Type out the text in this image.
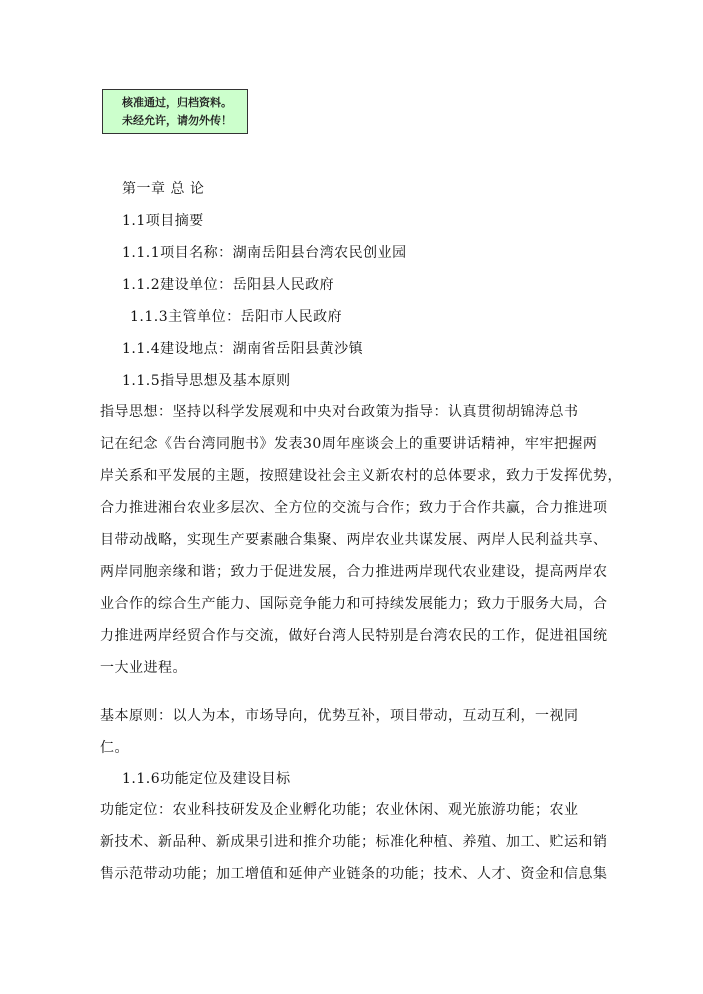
核准通过，归档资料。
未经允许，请勿外传！
第一章 总 论
1.1项目摘要
1.1.1项目名称：湖南岳阳县台湾农民创业园
1.1.2建设单位：岳阳县人民政府
1.1.3主管单位：岳阳市人民政府
1.1.4建设地点：湖南省岳阳县黄沙镇
1.1.5指导思想及基本原则
指导思想：坚持以科学发展观和中央对台政策为指导：认真贯彻胡锦涛总书
记在纪念《告台湾同胞书》发表30周年座谈会上的重要讲话精神，牢牢把握两
岸关系和平发展的主题，按照建设社会主义新农村的总体要求，致力于发挥优势，
合力推进湘台农业多层次、全方位的交流与合作；致力于合作共赢，合力推进项
目带动战略，实现生产要素融合集聚、两岸农业共谋发展、两岸人民利益共享、
两岸同胞亲缘和谐；致力于促进发展，合力推进两岸现代农业建设，提高两岸农
业合作的综合生产能力、国际竞争能力和可持续发展能力；致力于服务大局，合
力推进两岸经贸合作与交流，做好台湾人民特别是台湾农民的工作，促进祖国统
一大业进程。
基本原则：以人为本，市场导向，优势互补，项目带动，互动互利，一视同
仁。
1.1.6功能定位及建设目标
功能定位：农业科技研发及企业孵化功能；农业休闲、观光旅游功能；农业
新技术、新品种、新成果引进和推介功能；标准化种植、养殖、加工、贮运和销
售示范带动功能；加工增值和延伸产业链条的功能；技术、人才、资金和信息集
